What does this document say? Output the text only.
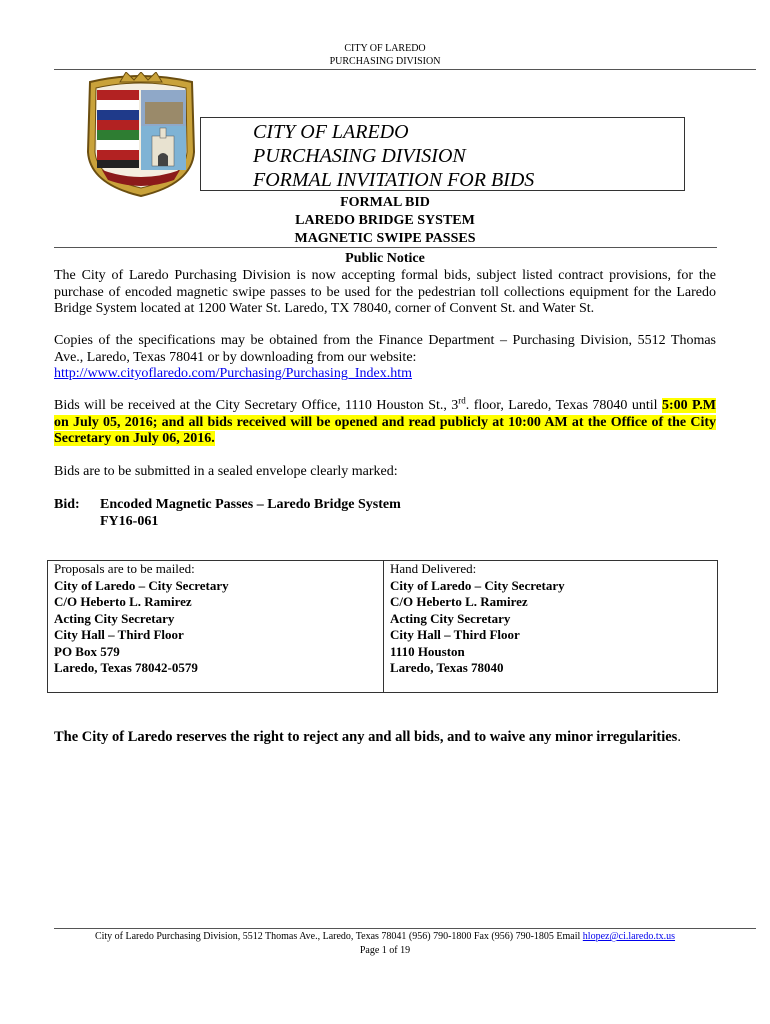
CITY OF LAREDO
PURCHASING DIVISION
CITY OF LAREDO
PURCHASING DIVISION
FORMAL INVITATION FOR BIDS
FORMAL BID
LAREDO BRIDGE SYSTEM
MAGNETIC SWIPE PASSES
Public Notice
The City of Laredo Purchasing Division is now accepting formal bids, subject listed contract provisions, for the purchase of encoded magnetic swipe passes to be used for the pedestrian toll collections equipment for the Laredo Bridge System located at 1200 Water St. Laredo, TX 78040, corner of Convent St. and Water St.
Copies of the specifications may be obtained from the Finance Department – Purchasing Division, 5512 Thomas Ave., Laredo, Texas 78041 or by downloading from our website:
http://www.cityoflaredo.com/Purchasing/Purchasing_Index.htm
Bids will be received at the City Secretary Office, 1110 Houston St., 3rd. floor, Laredo, Texas 78040 until 5:00 P.M on July 05, 2016; and all bids received will be opened and read publicly at 10:00 AM at the Office of the City Secretary on July 06, 2016.
Bids are to be submitted in a sealed envelope clearly marked:
Bid: Encoded Magnetic Passes – Laredo Bridge System
FY16-061
Proposals are to be mailed:
City of Laredo – City Secretary
C/O Heberto L. Ramirez
Acting City Secretary
City Hall – Third Floor
PO Box 579
Laredo, Texas 78042-0579
Hand Delivered:
City of Laredo – City Secretary
C/O Heberto L. Ramirez
Acting City Secretary
City Hall – Third Floor
1110 Houston
Laredo, Texas 78040
The City of Laredo reserves the right to reject any and all bids, and to waive any minor irregularities.
City of Laredo Purchasing Division, 5512 Thomas Ave., Laredo, Texas 78041 (956) 790-1800 Fax (956) 790-1805 Email hlopez@ci.laredo.tx.us
Page 1 of 19
